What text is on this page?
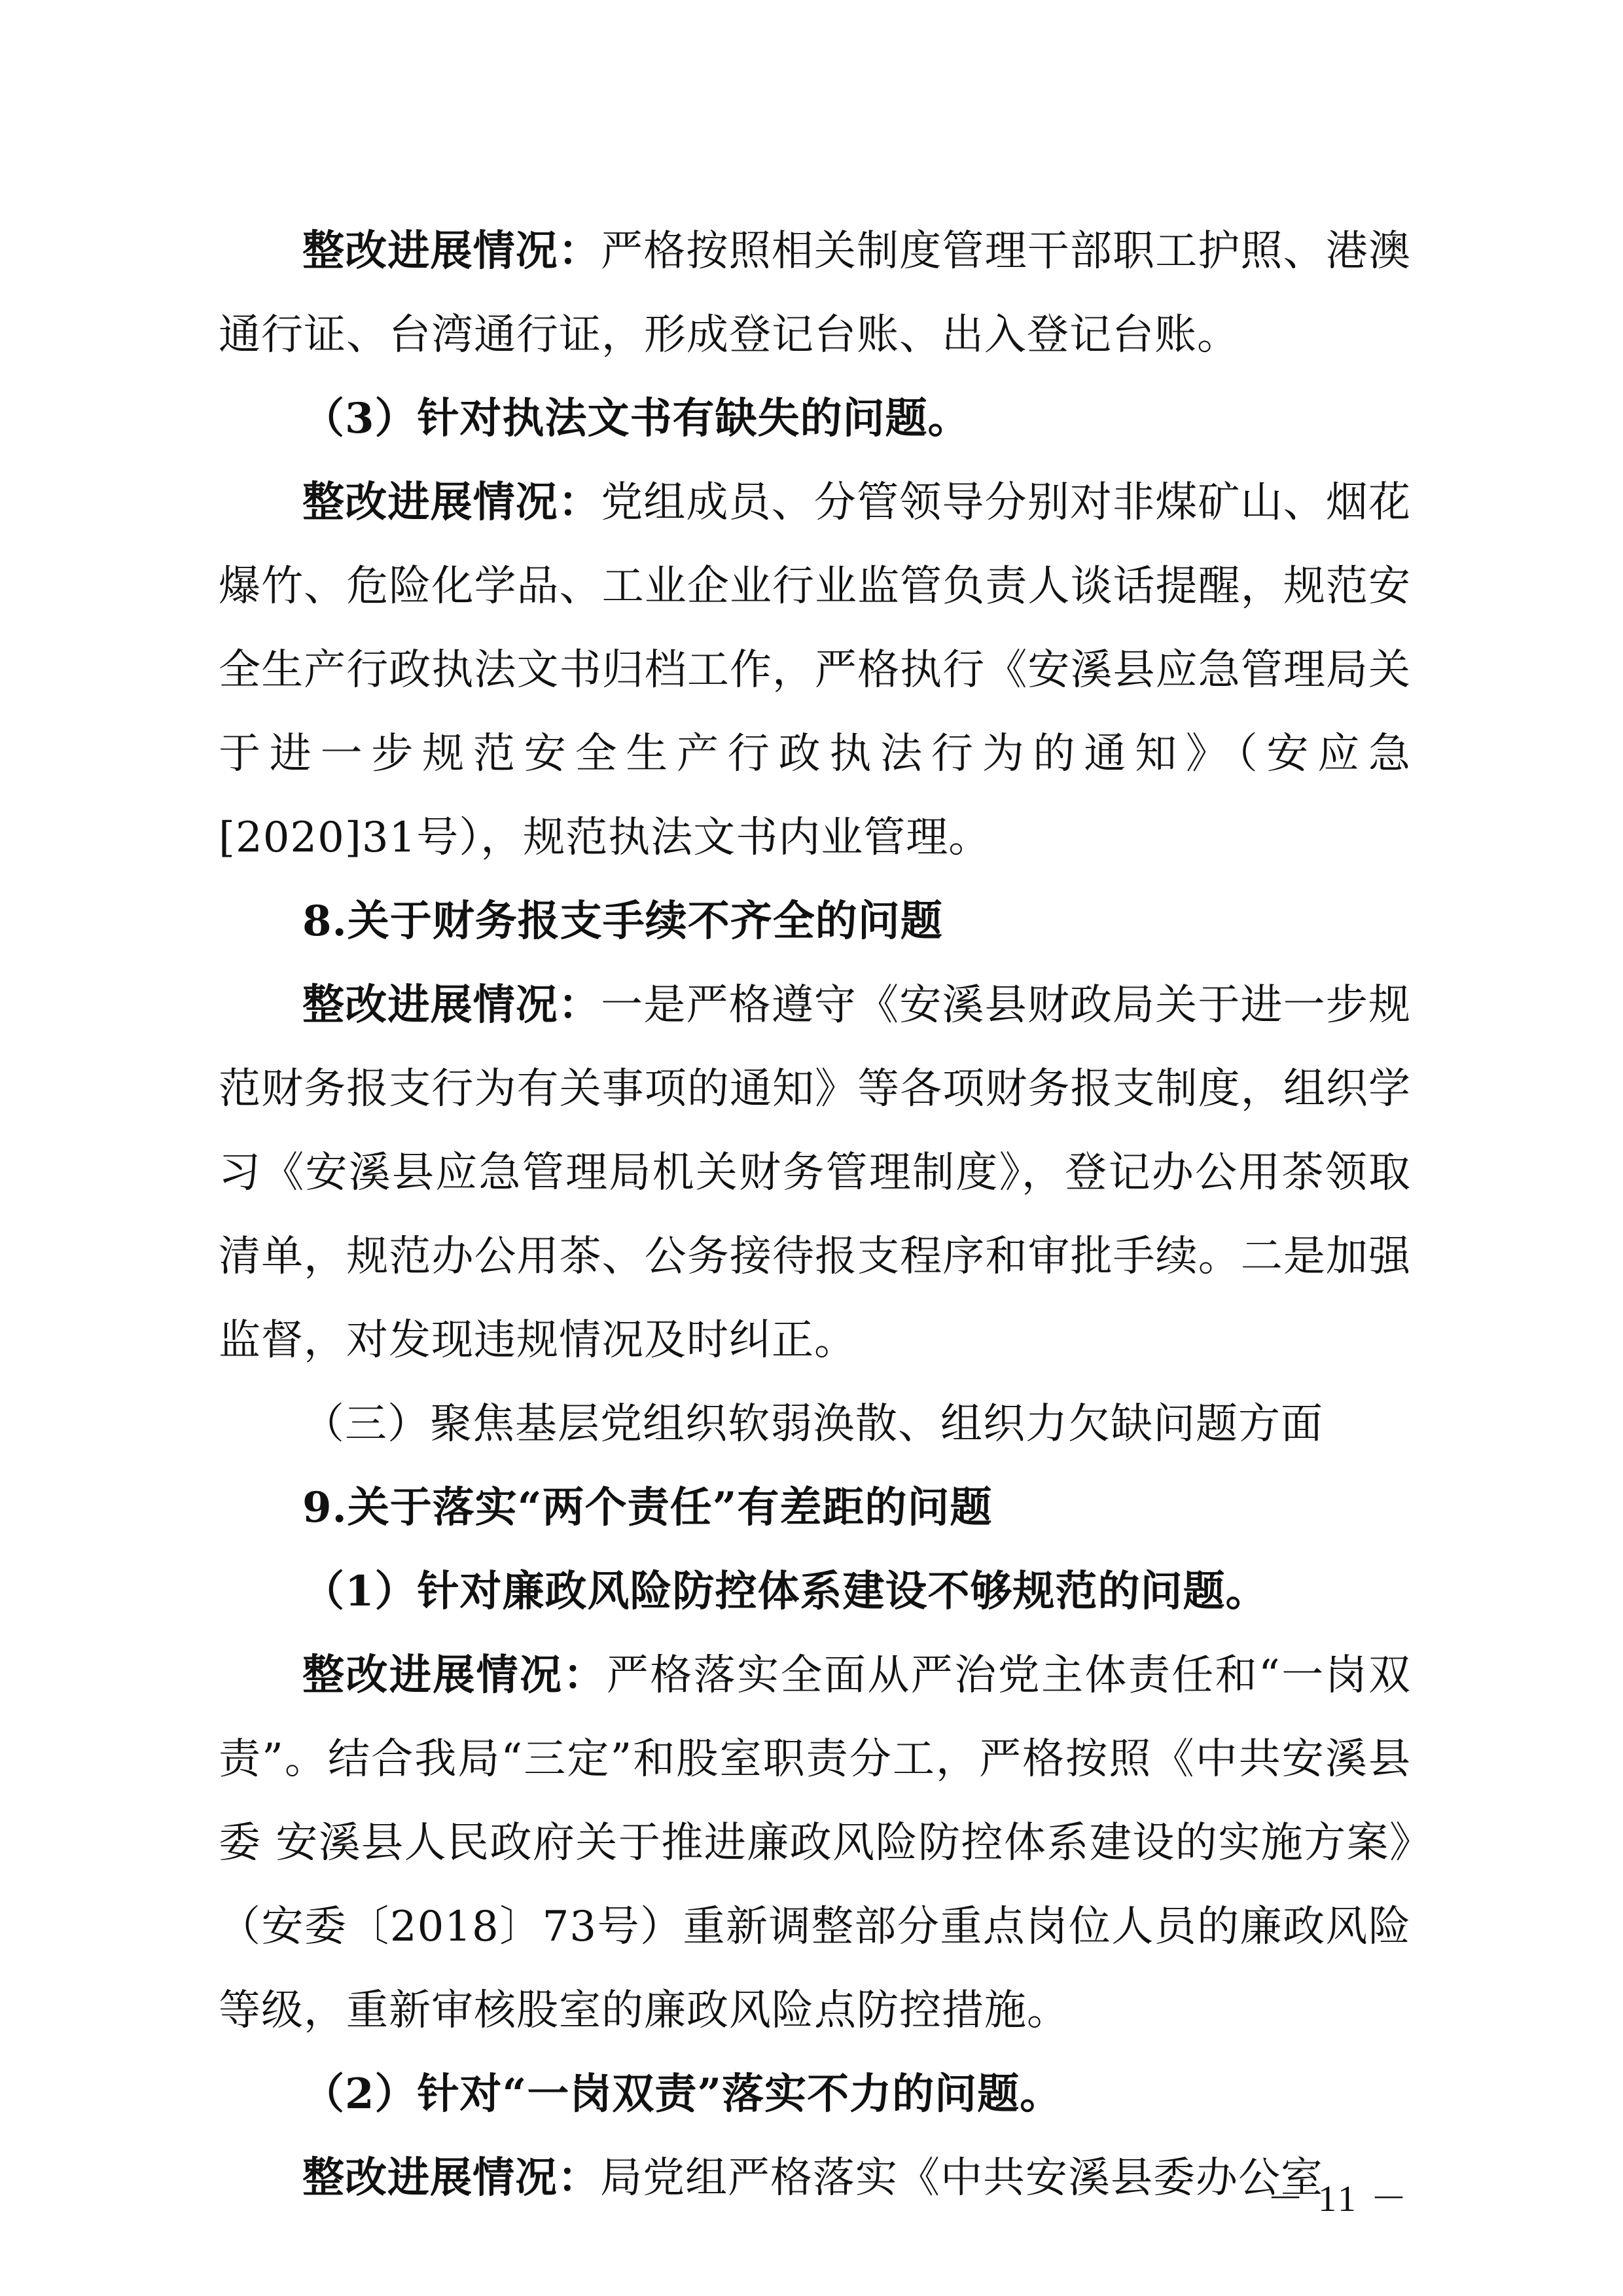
整改进展情况：严格按照相关制度管理干部职工护照、港澳通行证、台湾通行证，形成登记台账、出入登记台账。

（3）针对执法文书有缺失的问题。

整改进展情况：党组成员、分管领导分别对非煤矿山、烟花爆竹、危险化学品、工业企业行业监管负责人谈话提醒，规范安全生产行政执法文书归档工作，严格执行《安溪县应急管理局关于进一步规范安全生产行政执法行为的通知》（安应急[2020]31号），规范执法文书内业管理。

8.关于财务报支手续不齐全的问题

整改进展情况：一是严格遵守《安溪县财政局关于进一步规范财务报支行为有关事项的通知》等各项财务报支制度，组织学习《安溪县应急管理局机关财务管理制度》，登记办公用茶领取清单，规范办公用茶、公务接待报支程序和审批手续。二是加强监督，对发现违规情况及时纠正。

（三）聚焦基层党组织软弱涣散、组织力欠缺问题方面

9.关于落实“两个责任”有差距的问题

（1）针对廉政风险防控体系建设不够规范的问题。

整改进展情况：严格落实全面从严治党主体责任和“一岗双责”。结合我局“三定”和股室职责分工，严格按照《中共安溪县委 安溪县人民政府关于推进廉政风险防控体系建设的实施方案》（安委〔2018〕73号）重新调整部分重点岗位人员的廉政风险等级，重新审核股室的廉政风险点防控措施。

（2）针对“一岗双责”落实不力的问题。

整改进展情况：局党组严格落实《中共安溪县委办公室

－ 11 －
